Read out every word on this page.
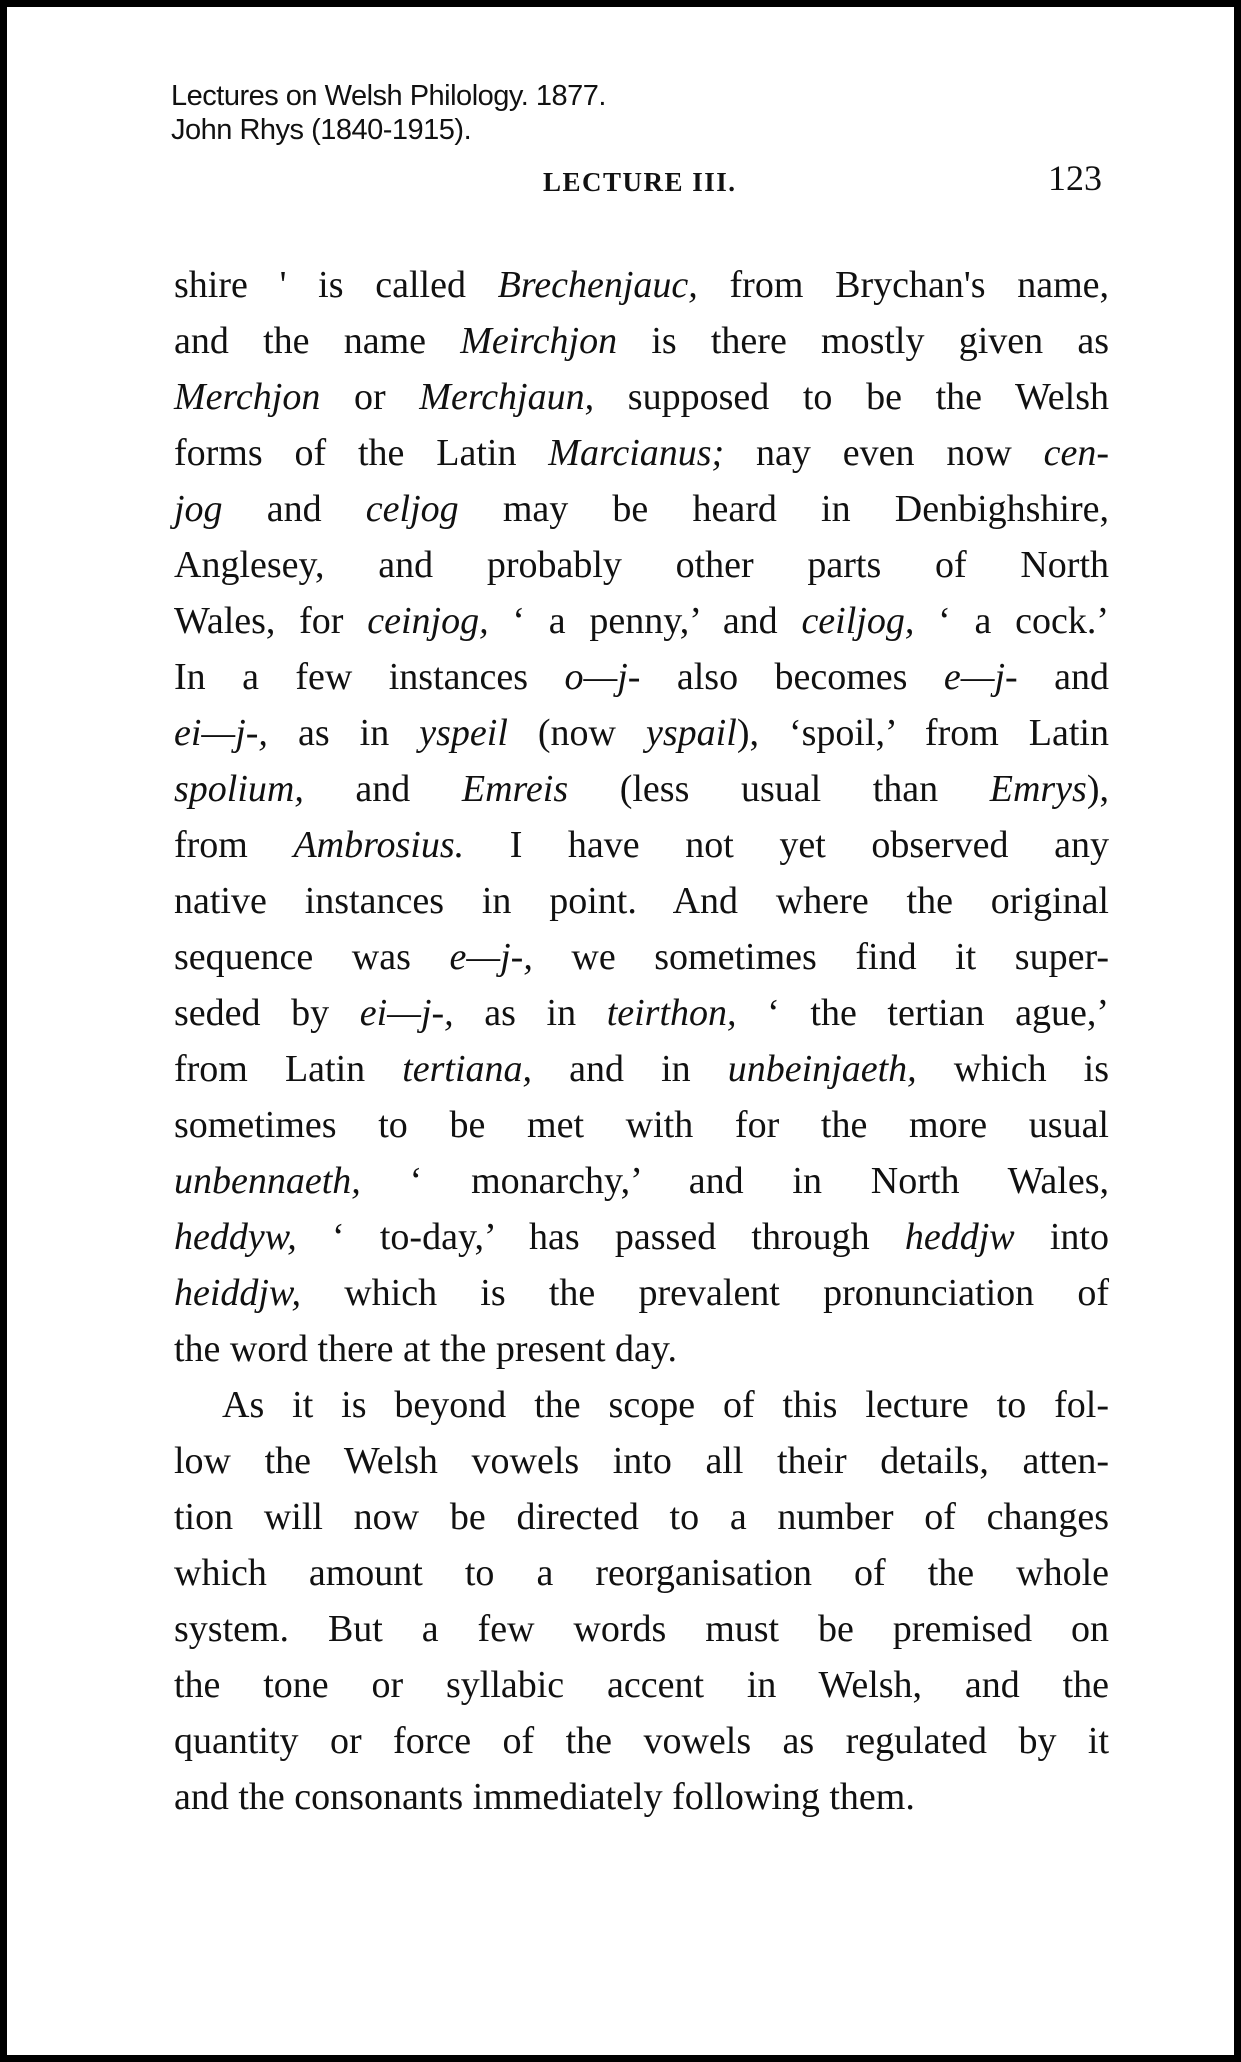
Lectures on Welsh Philology. 1877.
John Rhys (1840-1915).
LECTURE III.	123
shire ' is called Brechenjauc, from Brychan's name,
and the name Meirchjon is there mostly given as
Merchjon or Merchjaun, supposed to be the Welsh
forms of the Latin Marcianus; nay even now cen-
jog and celjog may be heard in Denbighshire,
Anglesey, and probably other parts of North
Wales, for ceinjog, ‘ a penny,’ and ceiljog, ‘ a cock.’
In a few instances o—j- also becomes e—j- and
ei—j-, as in yspeil (now yspail), ‘spoil,’ from Latin
spolium, and Emreis (less usual than Emrys),
from Ambrosius. I have not yet observed any
native instances in point. And where the original
sequence was e—j-, we sometimes find it super-
seded by ei—j-, as in teirthon, ‘ the tertian ague,’
from Latin tertiana, and in unbeinjaeth, which is
sometimes to be met with for the more usual
unbennaeth, ‘ monarchy,’ and in North Wales,
heddyw, ‘ to-day,’ has passed through heddjw into
heiddjw, which is the prevalent pronunciation of
the word there at the present day.
As it is beyond the scope of this lecture to fol-
low the Welsh vowels into all their details, atten-
tion will now be directed to a number of changes
which amount to a reorganisation of the whole
system. But a few words must be premised on
the tone or syllabic accent in Welsh, and the
quantity or force of the vowels as regulated by it
and the consonants immediately following them.
